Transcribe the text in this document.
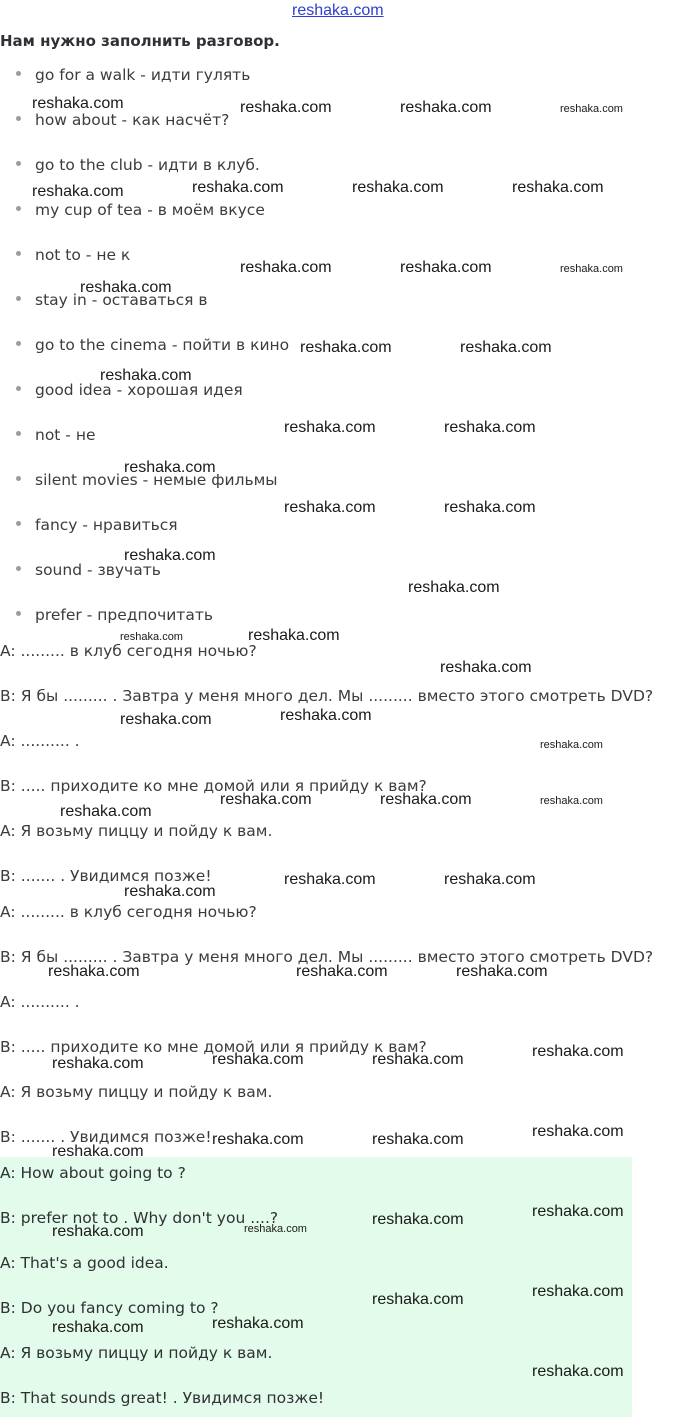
reshaka.com
Нам нужно заполнить разговор.
go for a walk - идти гулять
how about - как насчёт?
go to the club - идти в клуб.
my cup of tea - в моём вкусе
not to - не к
stay in - оставаться в
go to the cinema - пойти в кино
good idea - хорошая идея
not - не
silent movies - немые фильмы
fancy - нравиться
sound - звучать
prefer - предпочитать
A: ......... в клуб сегодня ночью?
B: Я бы ......... . Завтра у меня много дел. Мы ......... вместо этого смотреть DVD?
A: .......... .
B: ..... приходите ко мне домой или я прийду к вам?
A: Я возьму пиццу и пойду к вам.
B: ....... . Увидимся позже!
A: ......... в клуб сегодня ночью?
B: Я бы ......... . Завтра у меня много дел. Мы ......... вместо этого смотреть DVD?
A: .......... .
B: ..... приходите ко мне домой или я прийду к вам?
A: Я возьму пиццу и пойду к вам.
B: ....... . Увидимся позже!
A: How about going to ?
B: prefer not to . Why don't you ....?
A: That's a good idea.
B: Do you fancy coming to ?
A: Я возьму пиццу и пойду к вам.
B: That sounds great! . Увидимся позже!
reshaka.com	reshaka.com	reshaka.com	reshaka.com
reshaka.com	reshaka.com	reshaka.com	reshaka.com
reshaka.com	reshaka.com	reshaka.com
reshaka.com
reshaka.com	reshaka.com
reshaka.com
reshaka.com	reshaka.com
reshaka.com
reshaka.com	reshaka.com
reshaka.com
reshaka.com
reshaka.com	reshaka.com
reshaka.com
reshaka.com	reshaka.com
reshaka.com
reshaka.com
reshaka.com	reshaka.com	reshaka.com
reshaka.com
reshaka.com	reshaka.com
reshaka.com	reshaka.com	reshaka.com
reshaka.com	reshaka.com	reshaka.com	reshaka.com
reshaka.com	reshaka.com	reshaka.com
reshaka.com
reshaka.com	reshaka.com
reshaka.com	reshaka.com
reshaka.com	reshaka.com
reshaka.com	reshaka.com
reshaka.com
